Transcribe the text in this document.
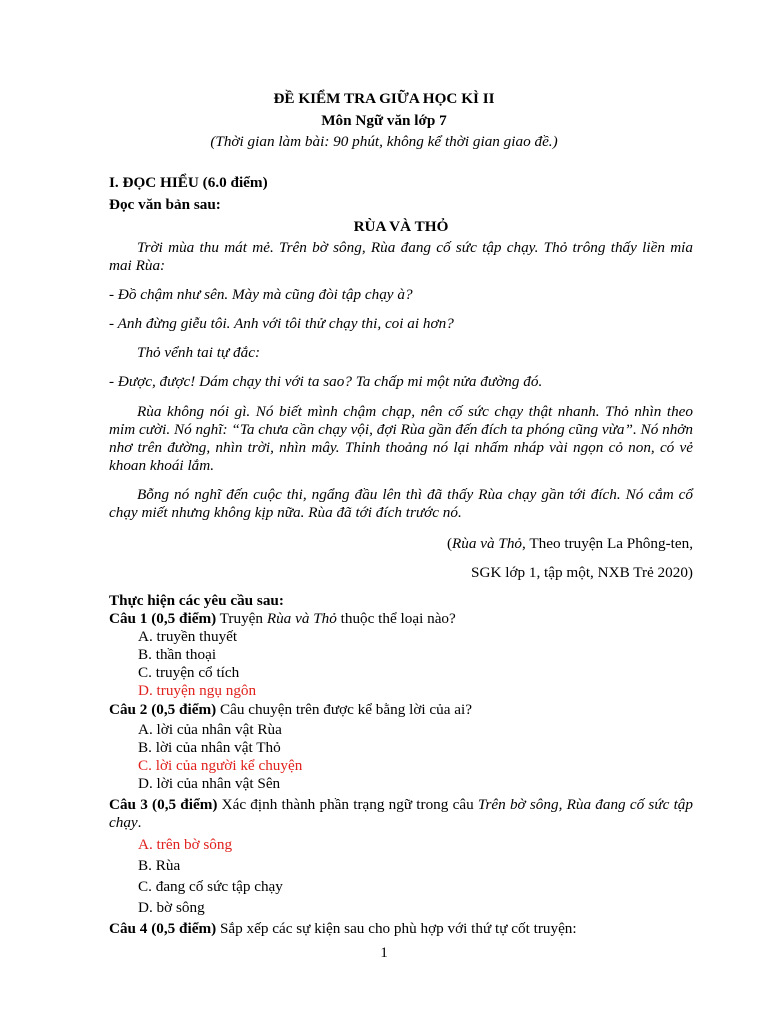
ĐỀ KIỂM TRA GIỮA HỌC KÌ II
Môn Ngữ văn lớp 7
(Thời gian làm bài: 90 phút, không kể thời gian giao đề.)
I. ĐỌC HIỂU (6.0 điểm)
Đọc văn bản sau:
RÙA VÀ THỎ
Trời mùa thu mát mẻ. Trên bờ sông, Rùa đang cố sức tập chạy. Thỏ trông thấy liền mỉa mai Rùa:
- Đồ chậm như sên. Mày mà cũng đòi tập chạy à?
- Anh đừng giễu tôi. Anh với tôi thử chạy thi, coi ai hơn?
Thỏ vểnh tai tự đắc:
- Được, được! Dám chạy thi với ta sao? Ta chấp mi một nửa đường đó.
Rùa không nói gì. Nó biết mình chậm chạp, nên cố sức chạy thật nhanh. Thỏ nhìn theo mỉm cười. Nó nghĩ: “Ta chưa cần chạy vội, đợi Rùa gần đến đích ta phóng cũng vừa”. Nó nhởn nhơ trên đường, nhìn trời, nhìn mây. Thỉnh thoảng nó lại nhấm nháp vài ngọn cỏ non, có vẻ khoan khoái lắm.
Bỗng nó nghĩ đến cuộc thi, ngẩng đầu lên thì đã thấy Rùa chạy gần tới đích. Nó cắm cổ chạy miết nhưng không kịp nữa. Rùa đã tới đích trước nó.
(Rùa và Thỏ, Theo truyện La Phông-ten,
SGK lớp 1, tập một, NXB Trẻ 2020)
Thực hiện các yêu cầu sau:
Câu 1 (0,5 điểm) Truyện Rùa và Thỏ thuộc thể loại nào?
A. truyền thuyết
B. thần thoại
C. truyện cổ tích
D. truyện ngụ ngôn
Câu 2 (0,5 điểm) Câu chuyện trên được kể bằng lời của ai?
A. lời của nhân vật Rùa
B. lời của nhân vật Thỏ
C. lời của người kể chuyện
D. lời của nhân vật Sên
Câu 3 (0,5 điểm) Xác định thành phần trạng ngữ trong câu Trên bờ sông, Rùa đang cố sức tập chạy.
A. trên bờ sông
B. Rùa
C. đang cố sức tập chạy
D. bờ sông
Câu 4 (0,5 điểm) Sắp xếp các sự kiện sau cho phù hợp với thứ tự cốt truyện:
1
